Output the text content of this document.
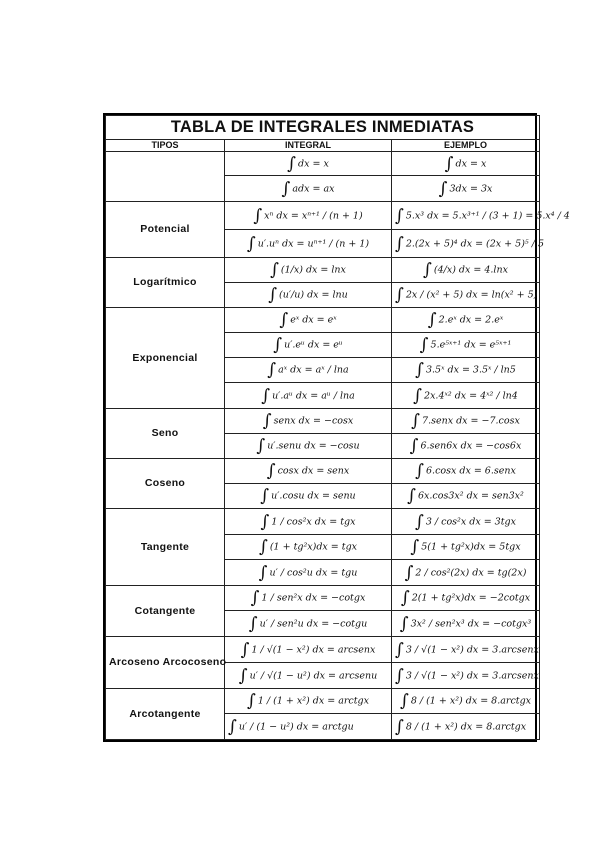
TABLA DE INTEGRALES INMEDIATAS		
TIPOS	INTEGRAL	EJEMPLO
	∫ dx = x	∫ dx = x
	∫ adx = ax	∫ 3dx = 3x
Potencial	∫ xⁿ dx = xⁿ⁺¹ / (n + 1)	∫ 5.x³ dx = 5.x³⁺¹ / (3 + 1) = 5.x⁴ / 4
	∫ u′.uⁿ dx = uⁿ⁺¹ / (n + 1)	∫ 2.(2x + 5)⁴ dx = (2x + 5)⁵ / 5
Logarítmico	∫ (1/x) dx = lnx	∫ (4/x) dx = 4.lnx
	∫ (u′/u) dx = lnu	∫ 2x / (x² + 5) dx = ln(x² + 5)
Exponencial	∫ eˣ dx = eˣ	∫ 2.eˣ dx = 2.eˣ
	∫ u′.eᵘ dx = eᵘ	∫ 5.e⁵ˣ⁺¹ dx = e⁵ˣ⁺¹
	∫ aˣ dx = aˣ / lna	∫ 3.5ˣ dx = 3.5ˣ / ln5
	∫ u′.aᵘ dx = aᵘ / lna	∫ 2x.4ˣ² dx = 4ˣ² / ln4
Seno	∫ senx dx = −cosx	∫ 7.senx dx = −7.cosx
	∫ u′.senu dx = −cosu	∫ 6.sen6x dx = −cos6x
Coseno	∫ cosx dx = senx	∫ 6.cosx dx = 6.senx
	∫ u′.cosu dx = senu	∫ 6x.cos3x² dx = sen3x²
Tangente	∫ 1 / cos²x dx = tgx	∫ 3 / cos²x dx = 3tgx
	∫ (1 + tg²x)dx = tgx	∫ 5(1 + tg²x)dx = 5tgx
	∫ u′ / cos²u dx = tgu	∫ 2 / cos²(2x) dx = tg(2x)
Cotangente	∫ 1 / sen²x dx = −cotgx	∫ 2(1 + tg²x)dx = −2cotgx
	∫ u′ / sen²u dx = −cotgu	∫ 3x² / sen²x³ dx = −cotgx³
Arcoseno Arcocoseno	∫ 1 / √(1 − x²) dx = arcsenx	∫ 3 / √(1 − x²) dx = 3.arcsenx
	∫ u′ / √(1 − u²) dx = arcsenu	∫ 3 / √(1 − x²) dx = 3.arcsenx
Arcotangente	∫ 1 / (1 + x²) dx = arctgx	∫ 8 / (1 + x²) dx = 8.arctgx
	∫ u′ / (1 − u²) dx = arctgu	∫ 8 / (1 + x²) dx = 8.arctgx
